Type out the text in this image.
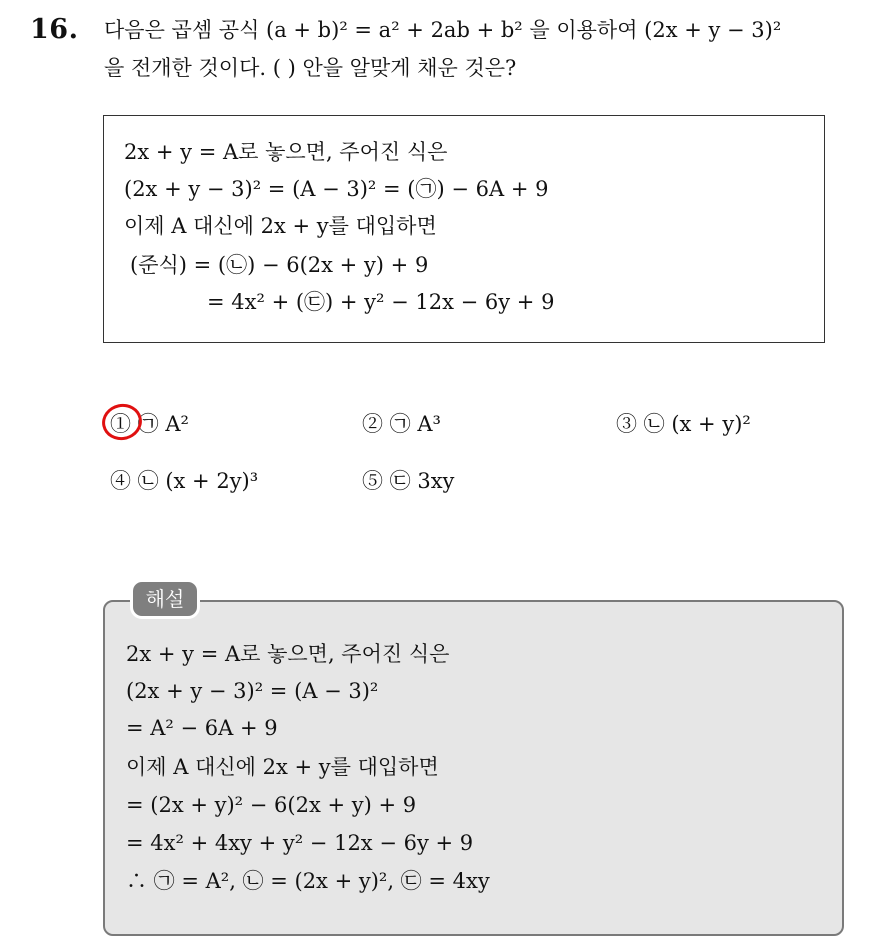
16. 다음은 곱셈 공식 (a + b)² = a² + 2ab + b² 을 이용하여 (2x + y − 3)²
을 전개한 것이다. ( ) 안을 알맞게 채운 것은?
2x + y = A로 놓으면, 주어진 식은
(2x + y − 3)² = (A − 3)² = (㉠) − 6A + 9
이제 A 대신에 2x + y를 대입하면
(준식) = (㉡) − 6(2x + y) + 9
= 4x² + (㉢) + y² − 12x − 6y + 9
① ㉠ A²	② ㉠ A³	③ ㉡ (x + y)²
④ ㉡ (x + 2y)³	⑤ ㉢ 3xy
해설
2x + y = A로 놓으면, 주어진 식은
(2x + y − 3)² = (A − 3)²
= A² − 6A + 9
이제 A 대신에 2x + y를 대입하면
= (2x + y)² − 6(2x + y) + 9
= 4x² + 4xy + y² − 12x − 6y + 9
∴ ㉠ = A², ㉡ = (2x + y)², ㉢ = 4xy
